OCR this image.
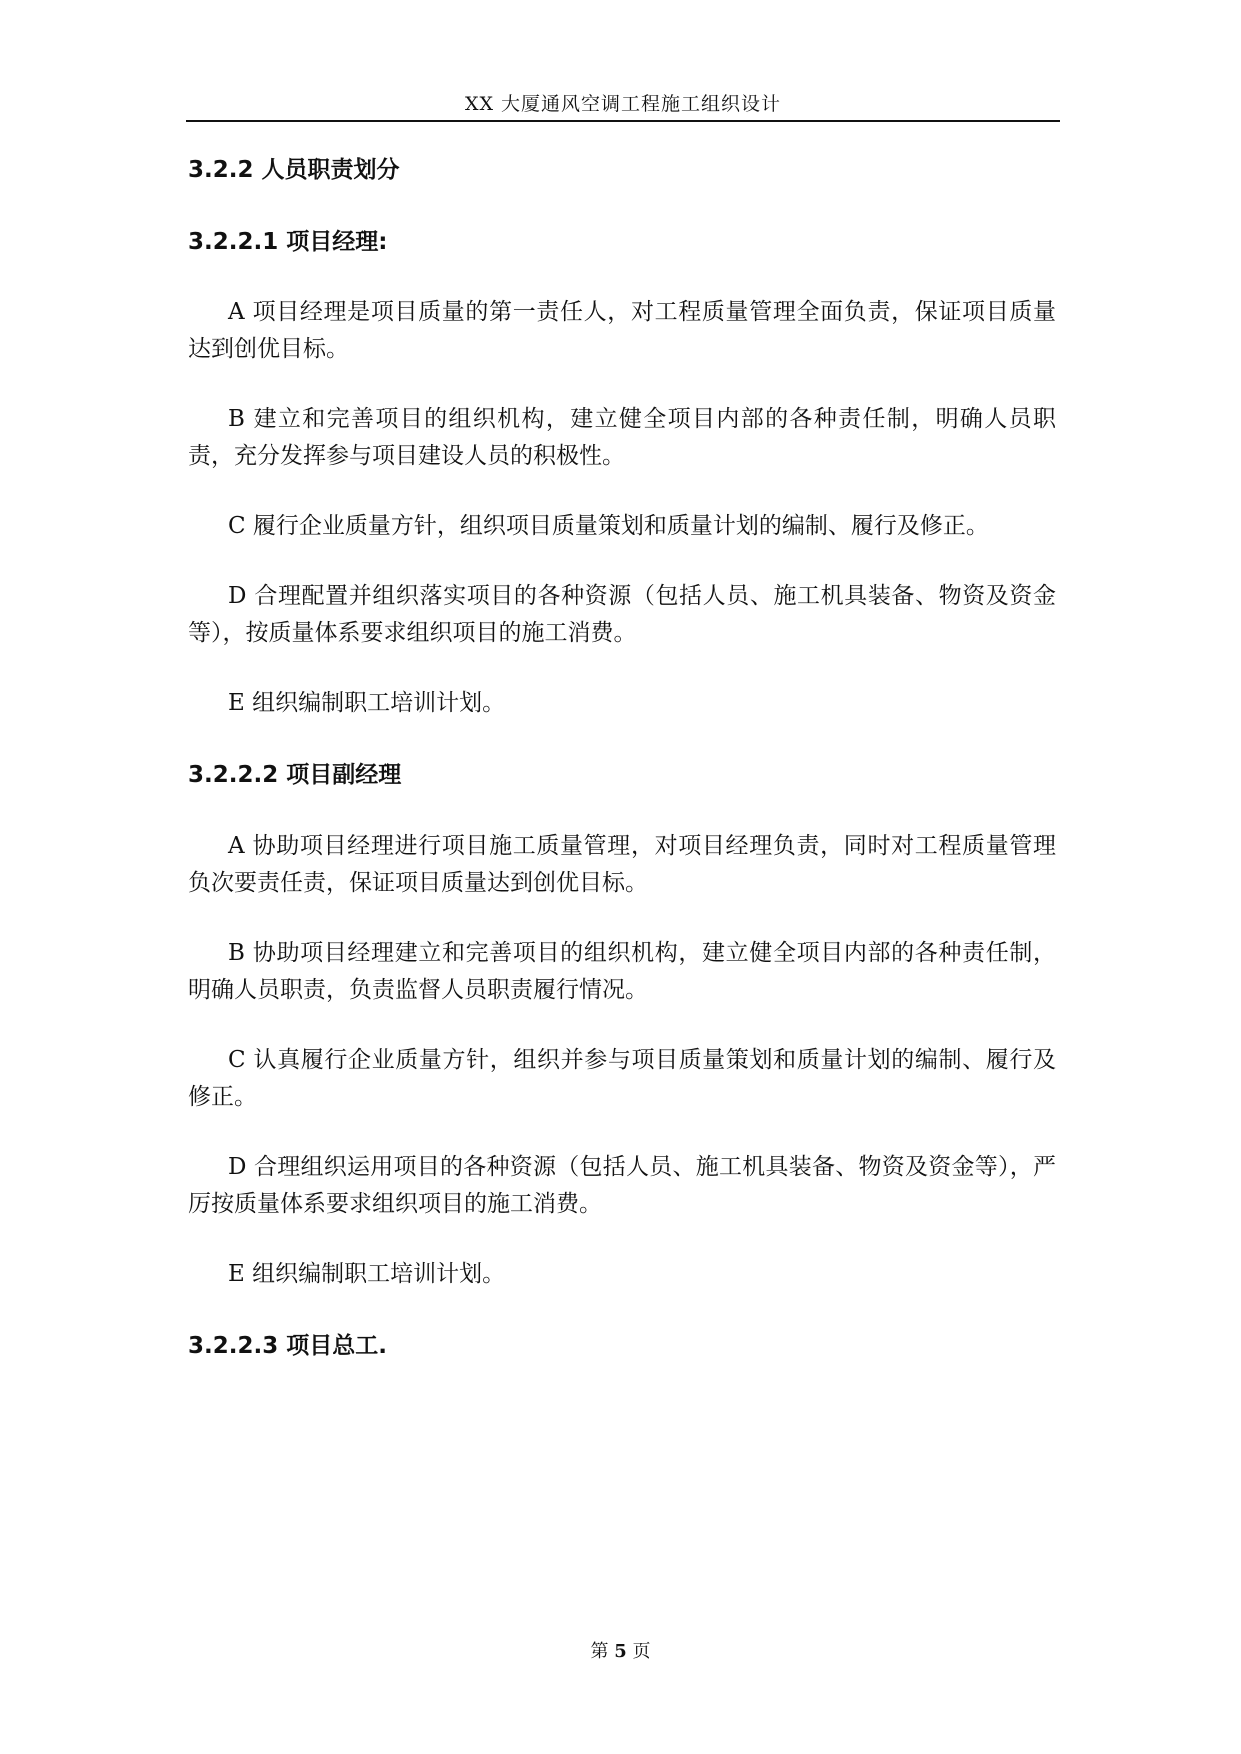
XX 大厦通风空调工程施工组织设计
3.2.2 人员职责划分
3.2.2.1 项目经理:

A 项目经理是项目质量的第一责任人，对工程质量管理全面负责，保证项目质量达到创优目标。

B 建立和完善项目的组织机构，建立健全项目内部的各种责任制，明确人员职责，充分发挥参与项目建设人员的积极性。

C 履行企业质量方针，组织项目质量策划和质量计划的编制、履行及修正。

D 合理配置并组织落实项目的各种资源（包括人员、施工机具装备、物资及资金等），按质量体系要求组织项目的施工消费。

E 组织编制职工培训计划。

3.2.2.2 项目副经理

A 协助项目经理进行项目施工质量管理，对项目经理负责，同时对工程质量管理负次要责任责，保证项目质量达到创优目标。

B 协助项目经理建立和完善项目的组织机构，建立健全项目内部的各种责任制，明确人员职责，负责监督人员职责履行情况。

C 认真履行企业质量方针，组织并参与项目质量策划和质量计划的编制、履行及修正。

D 合理组织运用项目的各种资源（包括人员、施工机具装备、物资及资金等），严厉按质量体系要求组织项目的施工消费。

E 组织编制职工培训计划。

3.2.2.3 项目总工.
第 5 页
